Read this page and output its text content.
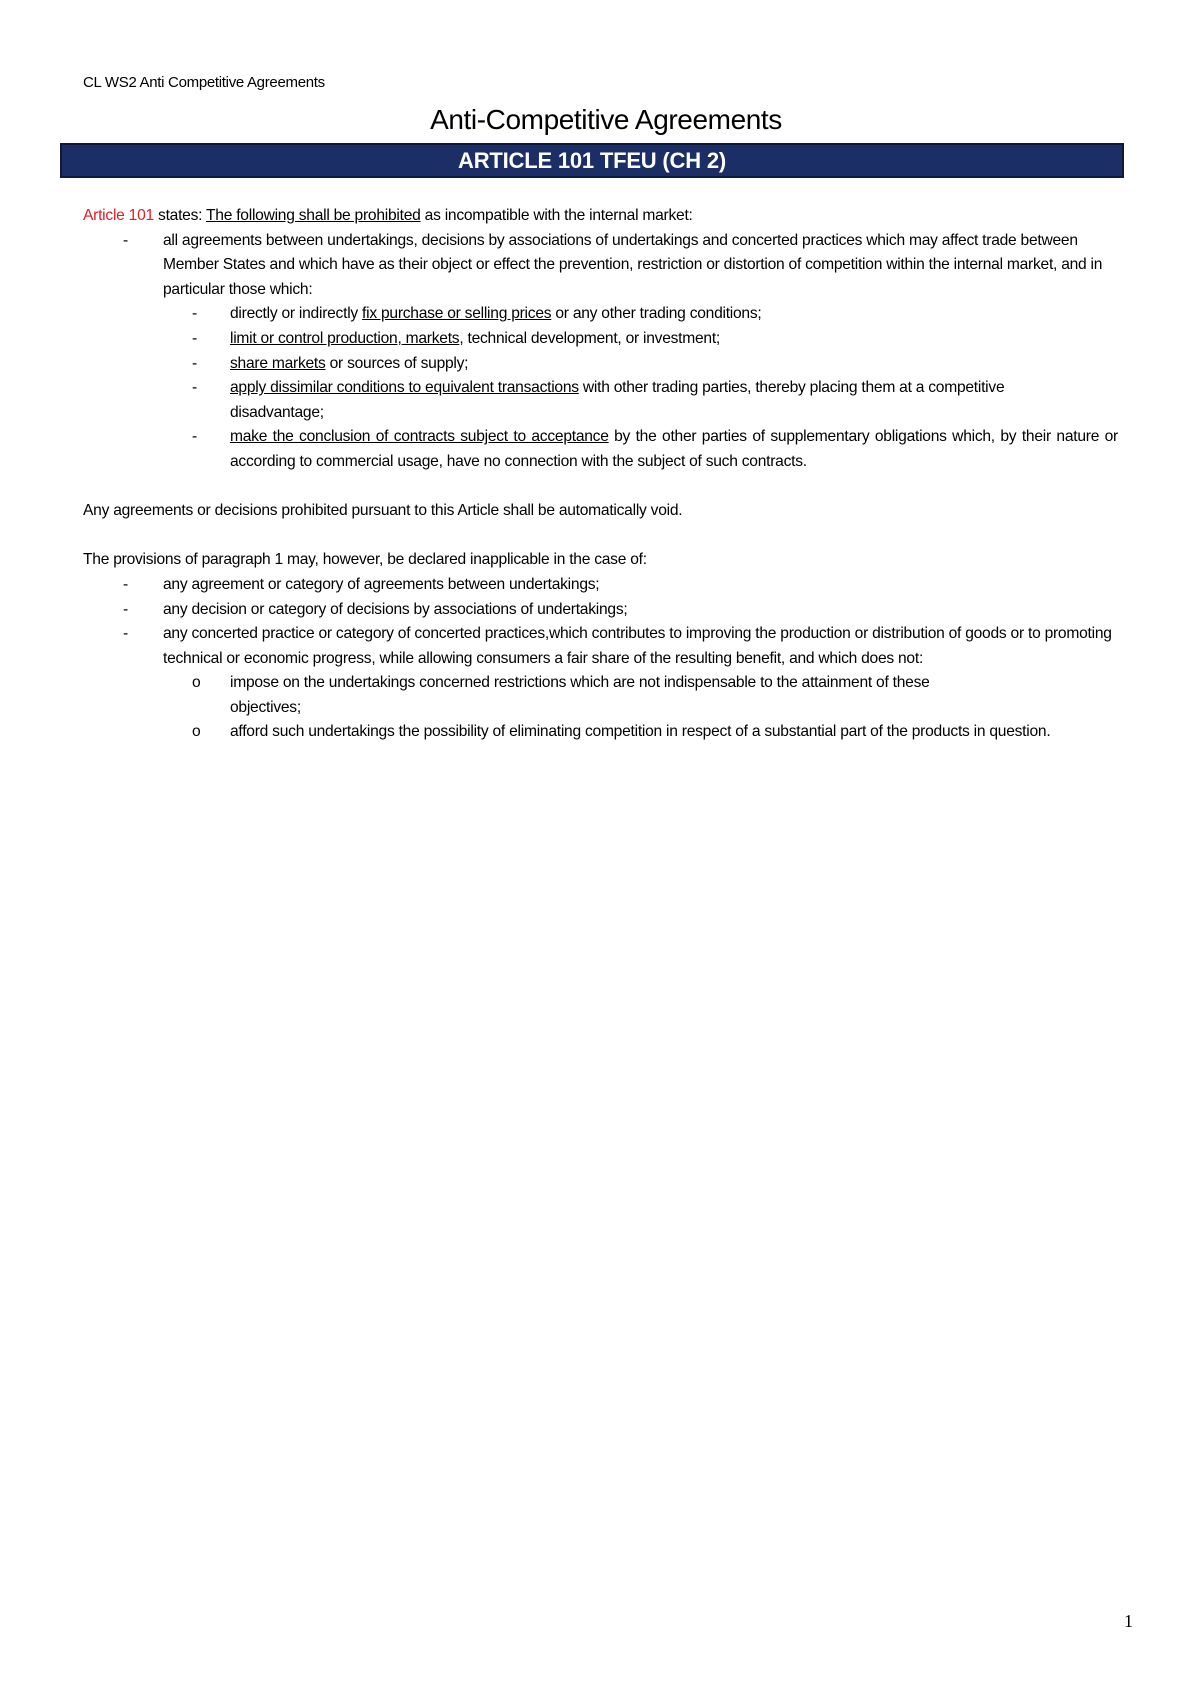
CL WS2 Anti Competitive Agreements
Anti-Competitive Agreements
ARTICLE 101 TFEU (CH 2)

Article 101 states: The following shall be prohibited as incompatible with the internal market:

-	all agreements between undertakings, decisions by associations of undertakings and concerted practices which may affect trade between Member States and which have as their object or effect the prevention, restriction or distortion of competition within the internal market, and in particular those which:
-	directly or indirectly fix purchase or selling prices or any other trading conditions;
-	limit or control production, markets, technical development, or investment;
-	share markets or sources of supply;
-	apply dissimilar conditions to equivalent transactions with other trading parties, thereby placing them at a competitive disadvantage;
-	make the conclusion of contracts subject to acceptance by the other parties of supplementary obligations which, by their nature or according to commercial usage, have no connection with the subject of such contracts.

Any agreements or decisions prohibited pursuant to this Article shall be automatically void.

The provisions of paragraph 1 may, however, be declared inapplicable in the case of:

-	any agreement or category of agreements between undertakings;
-	any decision or category of decisions by associations of undertakings;
-	any concerted practice or category of concerted practices,which contributes to improving the production or distribution of goods or to promoting technical or economic progress, while allowing consumers a fair share of the resulting benefit, and which does not:
o	impose on the undertakings concerned restrictions which are not indispensable to the attainment of these objectives;
o	afford such undertakings the possibility of eliminating competition in respect of a substantial part of the products in question.
1
